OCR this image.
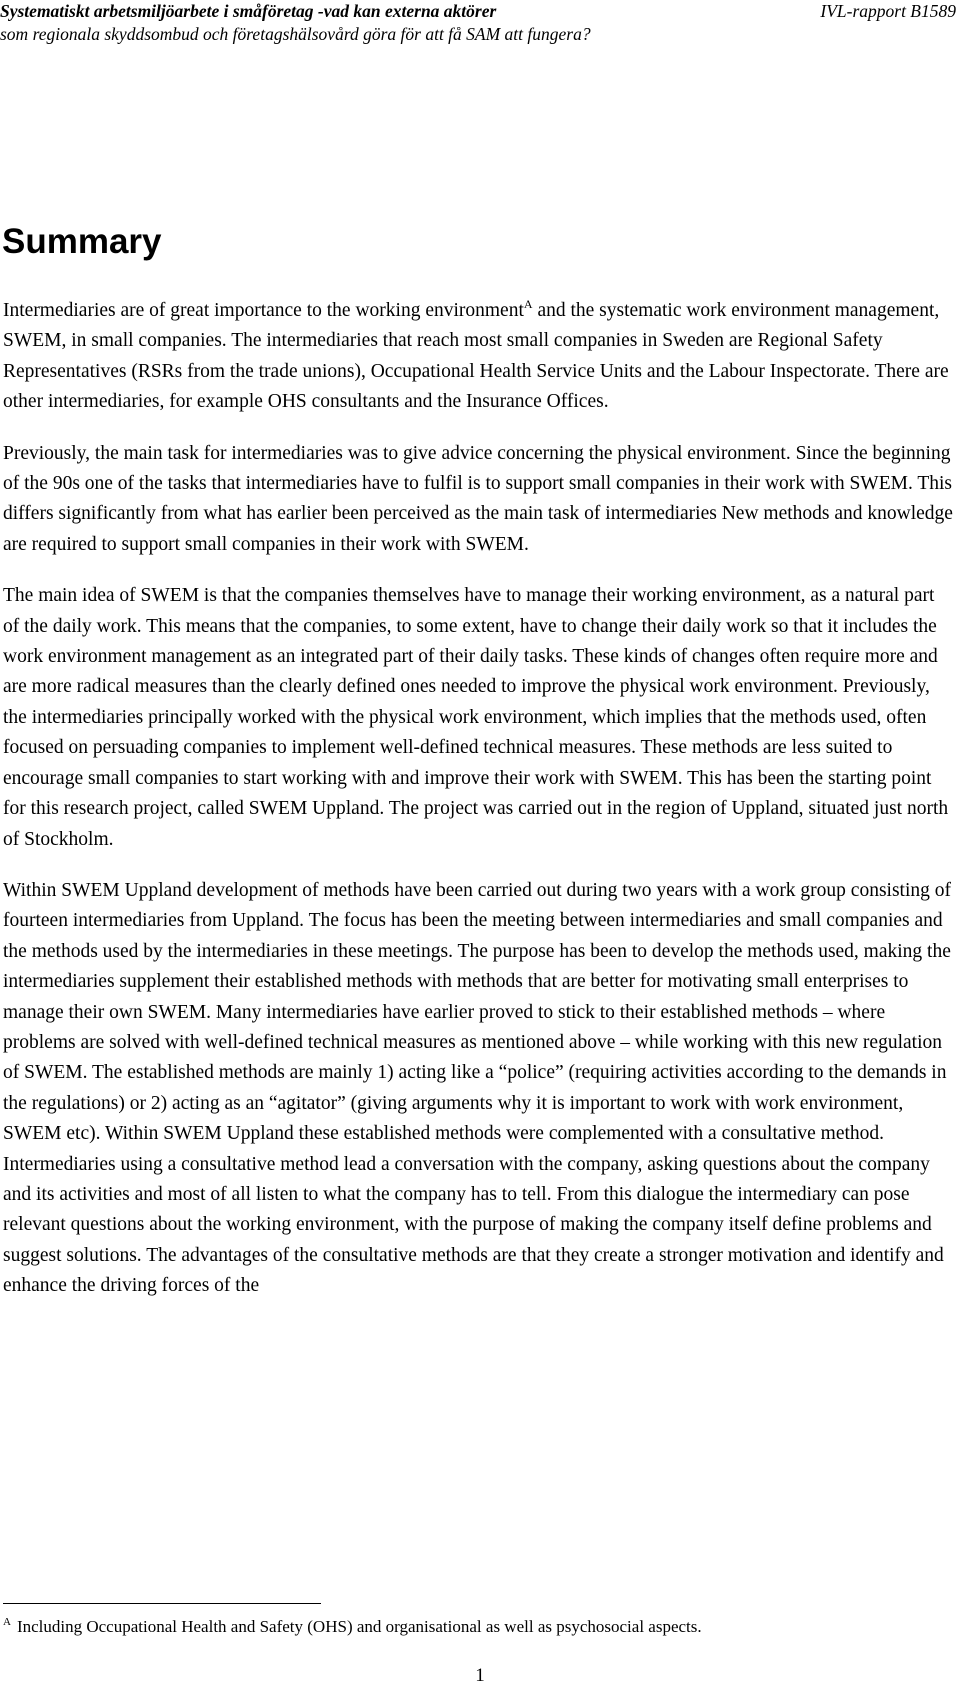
Systematiskt arbetsmiljöarbete i småföretag -vad kan externa aktörer	IVL-rapport B1589
som regionala skyddsombud och företagshälsovård göra för att få SAM att fungera?
Summary

Intermediaries are of great importance to the working environment$^A$ and the systematic work environment management, SWEM, in small companies. The intermediaries that reach most small companies in Sweden are Regional Safety Representatives (RSRs from the trade unions), Occupational Health Service Units and the Labour Inspectorate. There are other intermediaries, for example OHS consultants and the Insurance Offices.

Previously, the main task for intermediaries was to give advice concerning the physical environment. Since the beginning of the 90s one of the tasks that intermediaries have to fulfil is to support small companies in their work with SWEM. This differs significantly from what has earlier been perceived as the main task of intermediaries New methods and knowledge are required to support small companies in their work with SWEM.

The main idea of SWEM is that the companies themselves have to manage their working environment, as a natural part of the daily work. This means that the companies, to some extent, have to change their daily work so that it includes the work environment management as an integrated part of their daily tasks. These kinds of changes often require more and are more radical measures than the clearly defined ones needed to improve the physical work environment. Previously, the intermediaries principally worked with the physical work environment, which implies that the methods used, often focused on persuading companies to implement well-defined technical measures. These methods are less suited to encourage small companies to start working with and improve their work with SWEM. This has been the starting point for this research project, called SWEM Uppland. The project was carried out in the region of Uppland, situated just north of Stockholm.

Within SWEM Uppland development of methods have been carried out during two years with a work group consisting of fourteen intermediaries from Uppland. The focus has been the meeting between intermediaries and small companies and the methods used by the intermediaries in these meetings. The purpose has been to develop the methods used, making the intermediaries supplement their established methods with methods that are better for motivating small enterprises to manage their own SWEM. Many intermediaries have earlier proved to stick to their established methods – where problems are solved with well-defined technical measures as mentioned above – while working with this new regulation of SWEM. The established methods are mainly 1) acting like a “police” (requiring activities according to the demands in the regulations) or 2) acting as an “agitator” (giving arguments why it is important to work with work environment, SWEM etc). Within SWEM Uppland these established methods were complemented with a consultative method. Intermediaries using a consultative method lead a conversation with the company, asking questions about the company and its activities and most of all listen to what the company has to tell. From this dialogue the intermediary can pose relevant questions about the working environment, with the purpose of making the company itself define problems and suggest solutions. The advantages of the consultative methods are that they create a stronger motivation and identify and enhance the driving forces of the

$^A$ Including Occupational Health and Safety (OHS) and organisational as well as psychosocial aspects.
1
